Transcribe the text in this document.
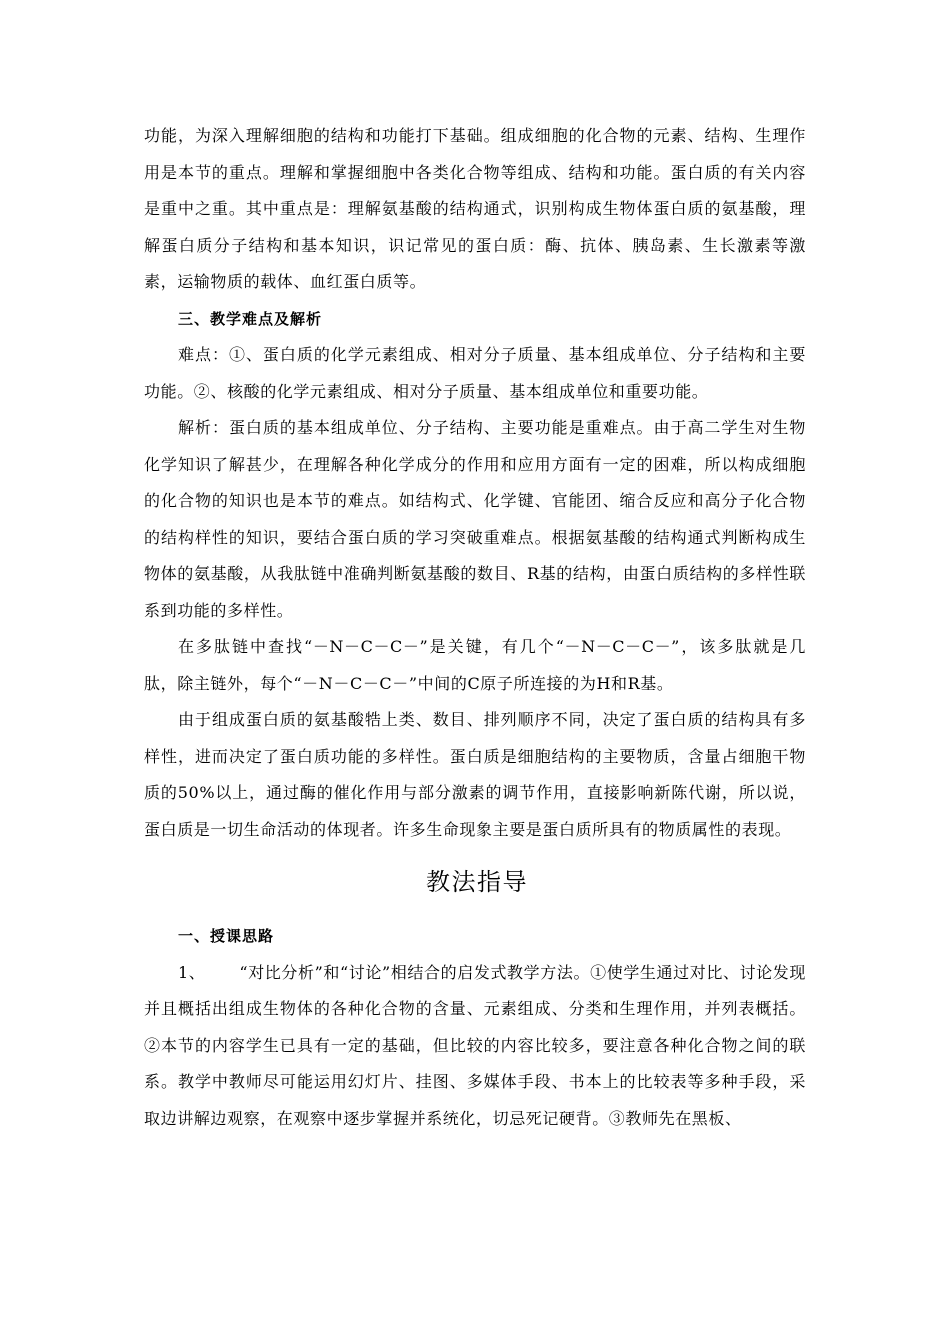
功能，为深入理解细胞的结构和功能打下基础。组成细胞的化合物的元素、结构、生理作用是本节的重点。理解和掌握细胞中各类化合物等组成、结构和功能。蛋白质的有关内容是重中之重。其中重点是：理解氨基酸的结构通式，识别构成生物体蛋白质的氨基酸，理解蛋白质分子结构和基本知识，识记常见的蛋白质：酶、抗体、胰岛素、生长激素等激素，运输物质的载体、血红蛋白质等。

三、教学难点及解析

难点：①、蛋白质的化学元素组成、相对分子质量、基本组成单位、分子结构和主要功能。②、核酸的化学元素组成、相对分子质量、基本组成单位和重要功能。

解析：蛋白质的基本组成单位、分子结构、主要功能是重难点。由于高二学生对生物化学知识了解甚少，在理解各种化学成分的作用和应用方面有一定的困难，所以构成细胞的化合物的知识也是本节的难点。如结构式、化学键、官能团、缩合反应和高分子化合物的结构样性的知识，要结合蛋白质的学习突破重难点。根据氨基酸的结构通式判断构成生物体的氨基酸，从我肽链中准确判断氨基酸的数目、R基的结构，由蛋白质结构的多样性联系到功能的多样性。

在多肽链中查找“－N－C－C－”是关键，有几个“－N－C－C－”，该多肽就是几肽，除主链外，每个“－N－C－C－”中间的C原子所连接的为H和R基。

由于组成蛋白质的氨基酸牿上类、数目、排列顺序不同，决定了蛋白质的结构具有多样性，进而决定了蛋白质功能的多样性。蛋白质是细胞结构的主要物质，含量占细胞干物质的50%以上，通过酶的催化作用与部分激素的调节作用，直接影响新陈代谢，所以说，蛋白质是一切生命活动的体现者。许多生命现象主要是蛋白质所具有的物质属性的表现。

教法指导

一、授课思路

1、 “对比分析”和“讨论”相结合的启发式教学方法。①使学生通过对比、讨论发现并且概括出组成生物体的各种化合物的含量、元素组成、分类和生理作用，并列表概括。②本节的内容学生已具有一定的基础，但比较的内容比较多，要注意各种化合物之间的联系。教学中教师尽可能运用幻灯片、挂图、多媒体手段、书本上的比较表等多种手段，采取边讲解边观察，在观察中逐步掌握并系统化，切忌死记硬背。③教师先在黑板、
